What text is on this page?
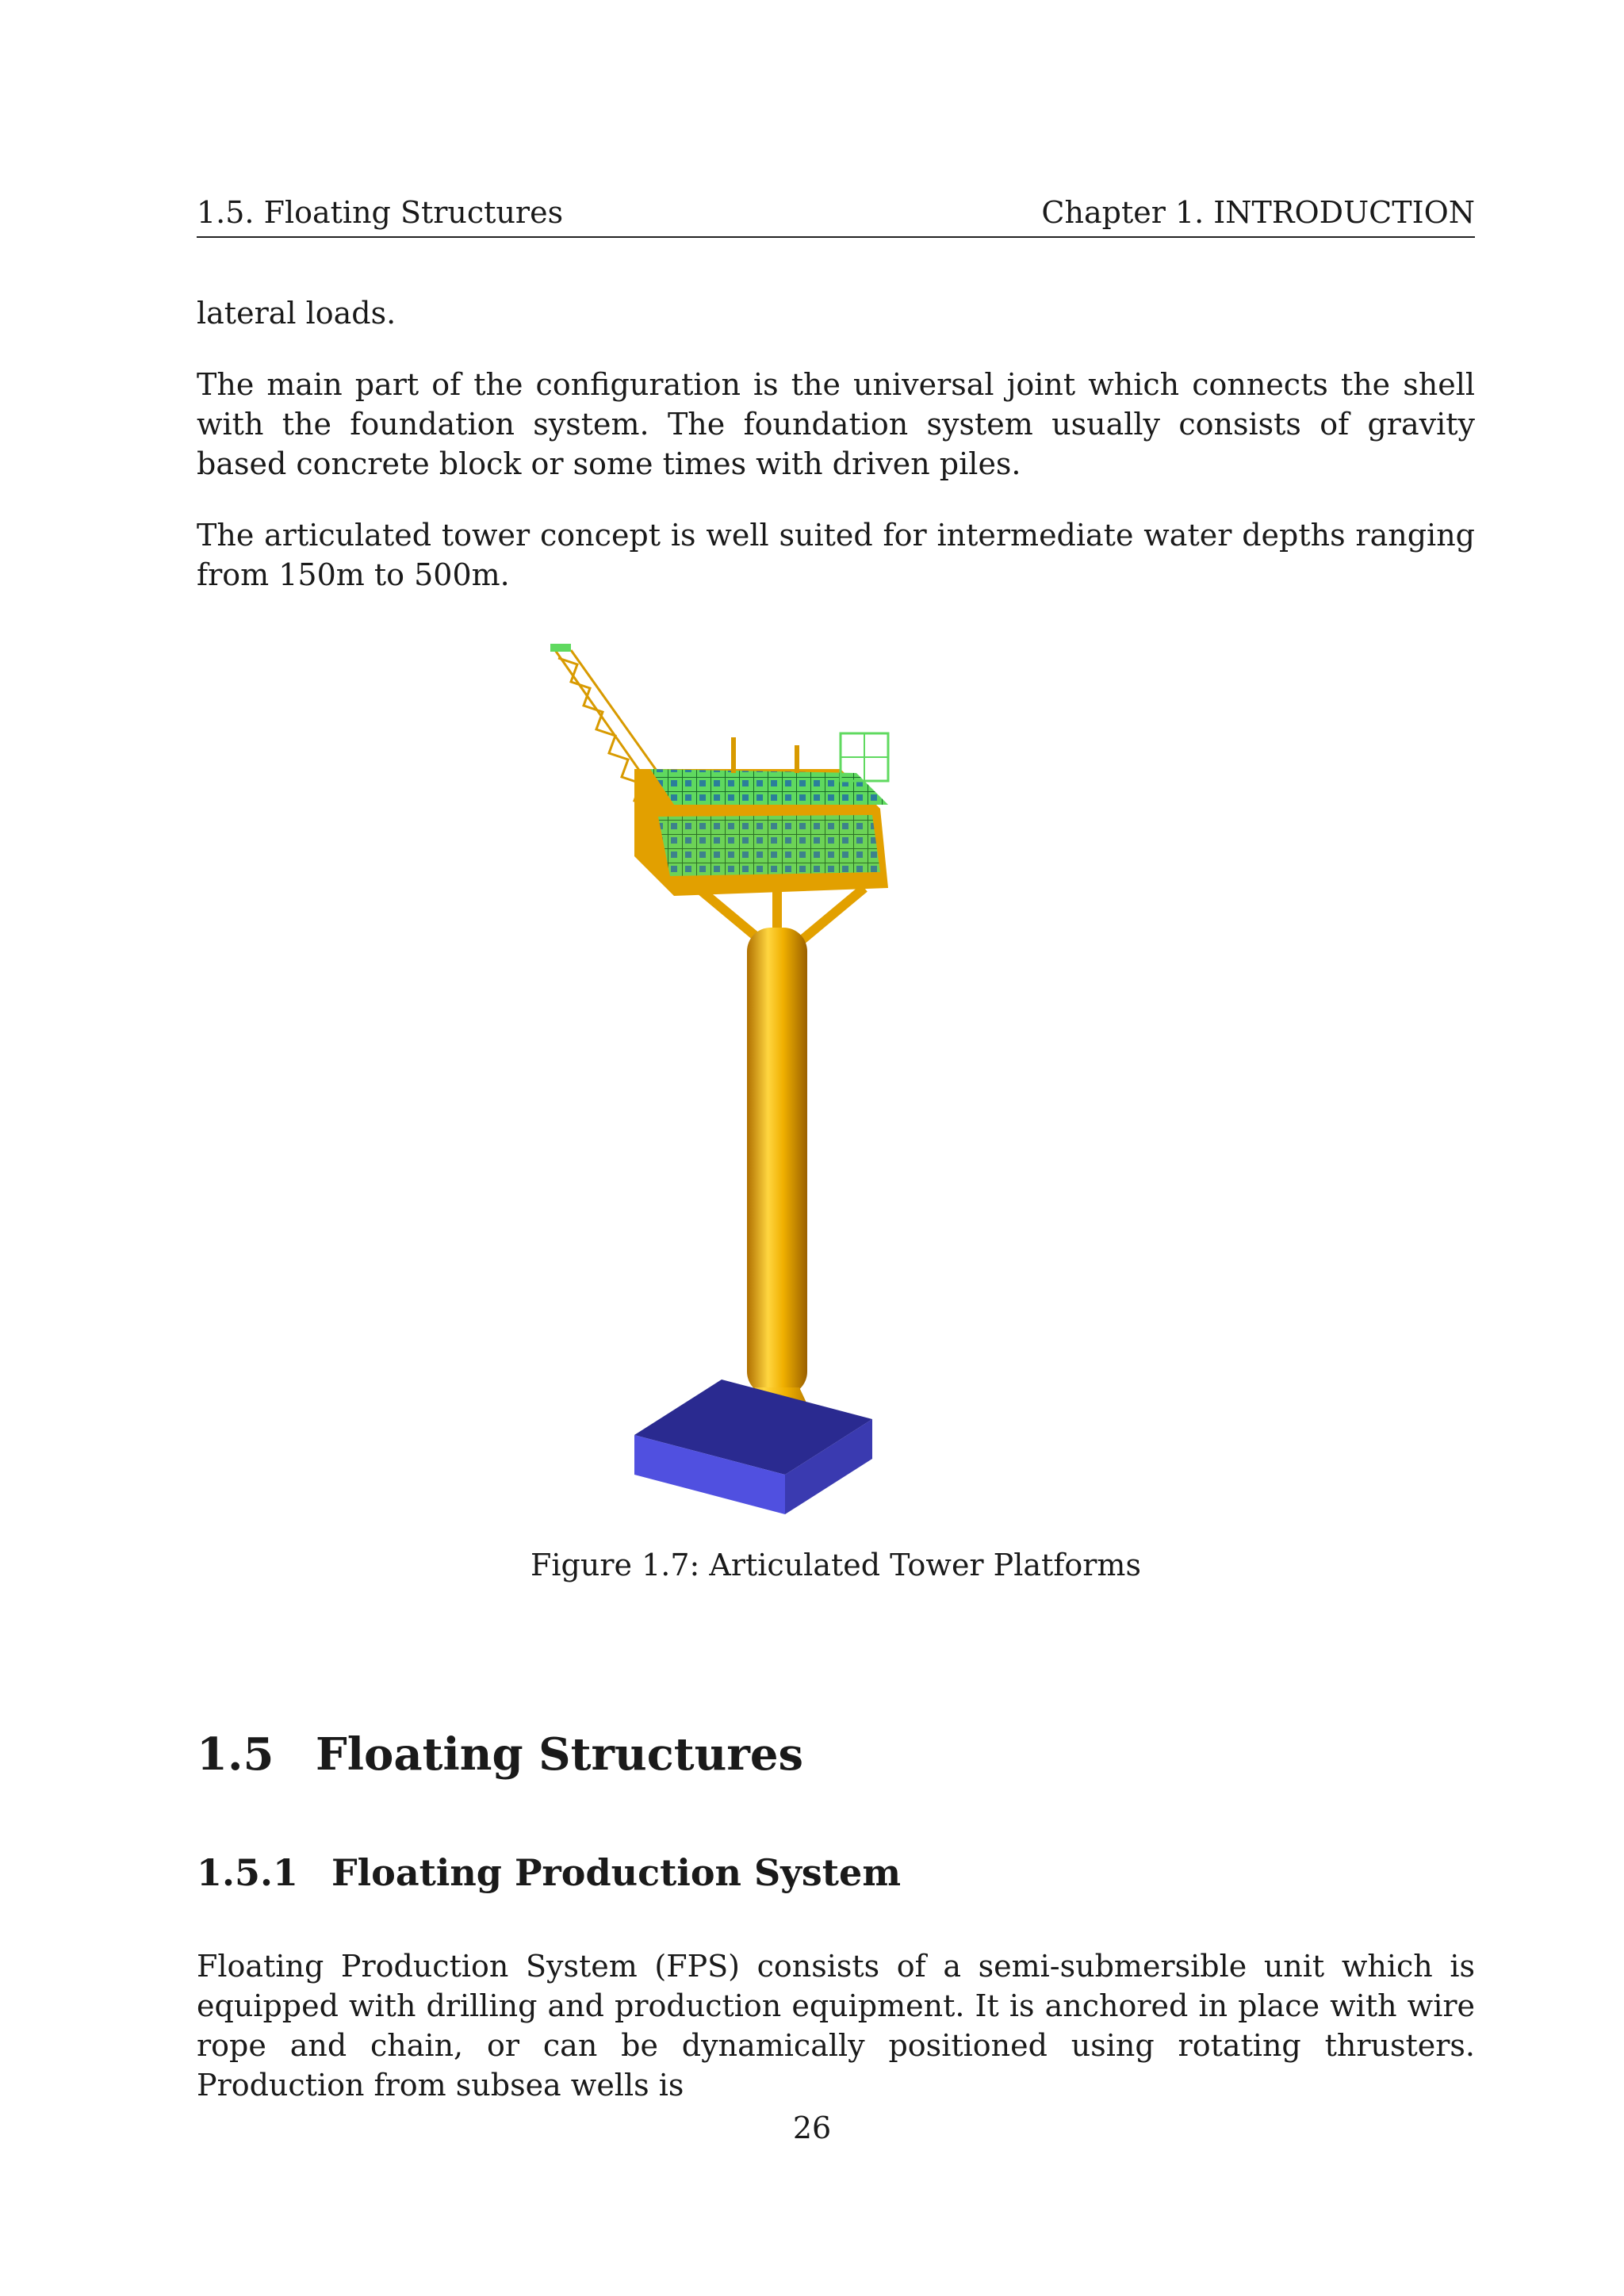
1.5. Floating Structures	Chapter 1. INTRODUCTION
lateral loads.
The main part of the configuration is the universal joint which connects the shell with the foundation system. The foundation system usually consists of gravity based concrete block or some times with driven piles.
The articulated tower concept is well suited for intermediate water depths ranging from 150m to 500m.
Figure 1.7: Articulated Tower Platforms
1.5 Floating Structures
1.5.1 Floating Production System
Floating Production System (FPS) consists of a semi-submersible unit which is equipped with drilling and production equipment. It is anchored in place with wire rope and chain, or can be dynamically positioned using rotating thrusters. Production from subsea wells is
26
